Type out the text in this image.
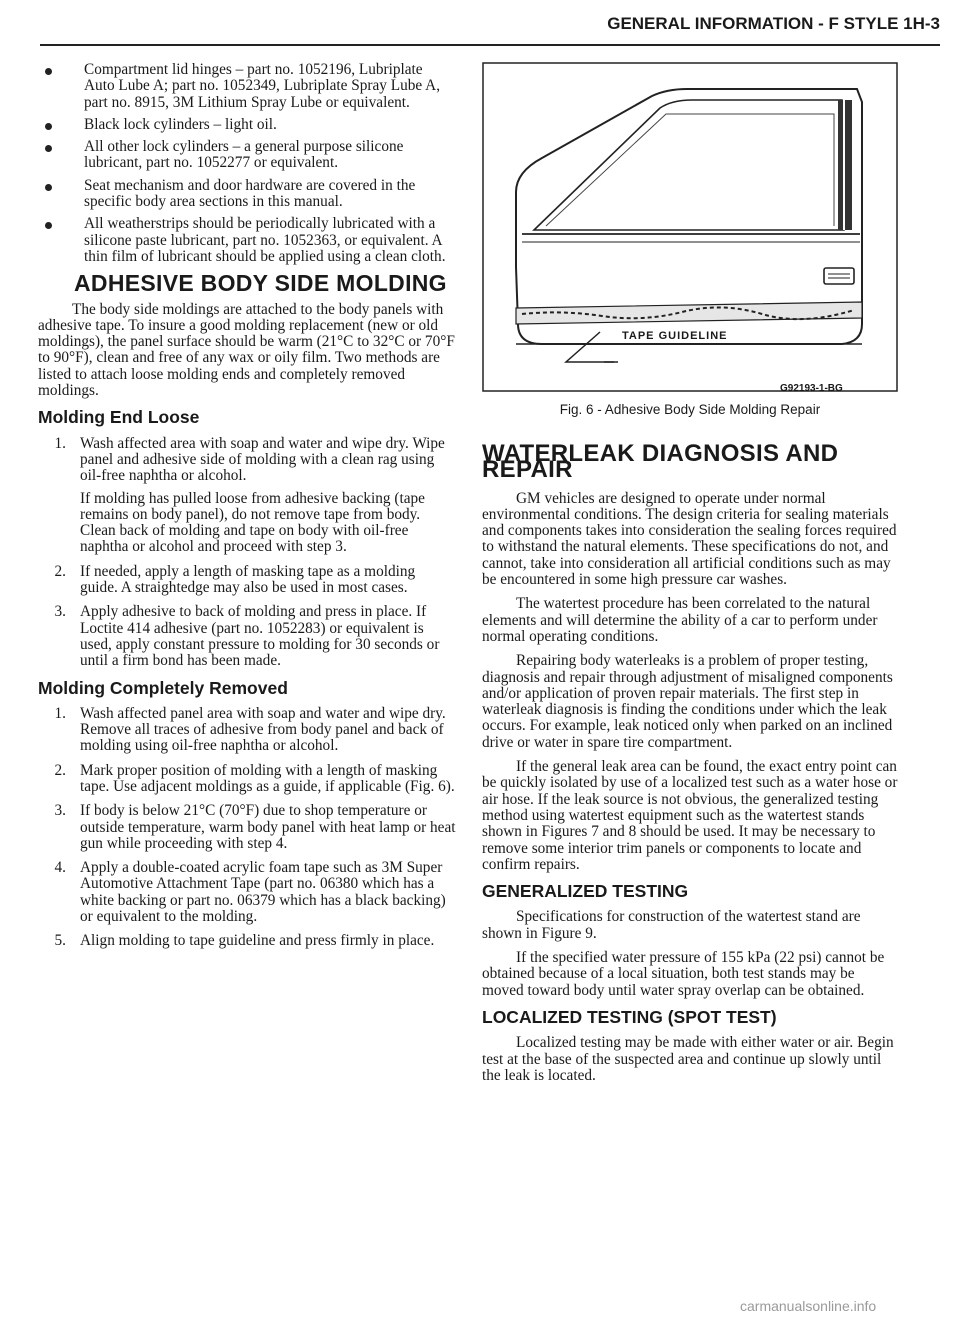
GENERAL INFORMATION - F STYLE 1H-3
Compartment lid hinges – part no. 1052196, Lubriplate Auto Lube A; part no. 1052349, Lubriplate Spray Lube A, part no. 8915, 3M Lithium Spray Lube or equivalent.
Black lock cylinders – light oil.
All other lock cylinders – a general purpose silicone lubricant, part no. 1052277 or equivalent.
Seat mechanism and door hardware are covered in the specific body area sections in this manual.
All weatherstrips should be periodically lubricated with a silicone paste lubricant, part no. 1052363, or equivalent. A thin film of lubricant should be applied using a clean cloth.
ADHESIVE BODY SIDE MOLDING

The body side moldings are attached to the body panels with adhesive tape. To insure a good molding replacement (new or old moldings), the panel surface should be warm (21°C to 32°C or 70°F to 90°F), clean and free of any wax or oily film. Two methods are listed to attach loose molding ends and completely removed moldings.

Molding End Loose
1. Wash affected area with soap and water and wipe dry. Wipe panel and adhesive side of molding with a clean rag using oil-free naphtha or alcohol.
If molding has pulled loose from adhesive backing (tape remains on body panel), do not remove tape from body. Clean back of molding and tape on body with oil-free naphtha or alcohol and proceed with step 3.
2. If needed, apply a length of masking tape as a molding guide. A straightedge may also be used in most cases.
3. Apply adhesive to back of molding and press in place. If Loctite 414 adhesive (part no. 1052283) or equivalent is used, apply constant pressure to molding for 30 seconds or until a firm bond has been made.
Molding Completely Removed
1. Wash affected panel area with soap and water and wipe dry. Remove all traces of adhesive from body panel and back of molding using oil-free naphtha or alcohol.
2. Mark proper position of molding with a length of masking tape. Use adjacent moldings as a guide, if applicable (Fig. 6).
3. If body is below 21°C (70°F) due to shop temperature or outside temperature, warm body panel with heat lamp or heat gun while proceeding with step 4.
4. Apply a double-coated acrylic foam tape such as 3M Super Automotive Attachment Tape (part no. 06380 which has a white backing or part no. 06379 which has a black backing) or equivalent to the molding.
5. Align molding to tape guideline and press firmly in place.
TAPE GUIDELINE
G92193-1-BG
Fig. 6 - Adhesive Body Side Molding Repair
WATERLEAK DIAGNOSIS AND REPAIR

GM vehicles are designed to operate under normal environmental conditions. The design criteria for sealing materials and components takes into consideration the sealing forces required to withstand the natural elements. These specifications do not, and cannot, take into consideration all artificial conditions such as may be encountered in some high pressure car washes.

The watertest procedure has been correlated to the natural elements and will determine the ability of a car to perform under normal operating conditions.

Repairing body waterleaks is a problem of proper testing, diagnosis and repair through adjustment of misaligned components and/or application of proven repair materials. The first step in waterleak diagnosis is finding the conditions under which the leak occurs. For example, leak noticed only when parked on an inclined drive or water in spare tire compartment.

If the general leak area can be found, the exact entry point can be quickly isolated by use of a localized test such as a water hose or air hose. If the leak source is not obvious, the generalized testing method using watertest equipment such as the watertest stands shown in Figures 7 and 8 should be used. It may be necessary to remove some interior trim panels or components to locate and confirm repairs.

GENERALIZED TESTING

Specifications for construction of the watertest stand are shown in Figure 9.

If the specified water pressure of 155 kPa (22 psi) cannot be obtained because of a local situation, both test stands may be moved toward body until water spray overlap can be obtained.

LOCALIZED TESTING (SPOT TEST)

Localized testing may be made with either water or air. Begin test at the base of the suspected area and continue up slowly until the leak is located.

carmanualsonline.info
